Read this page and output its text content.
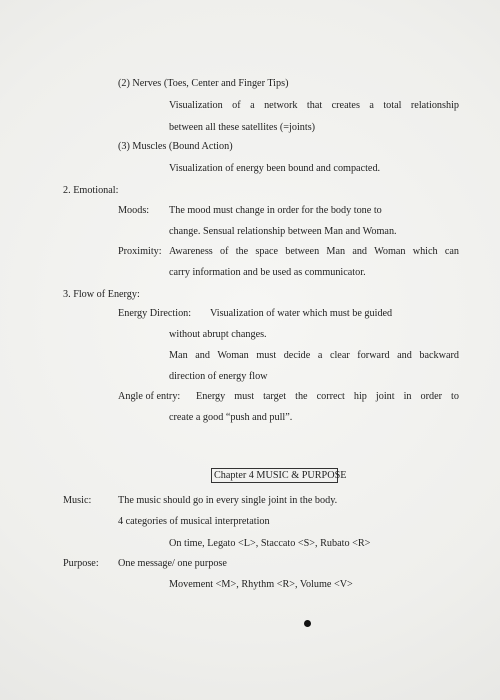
(2) Nerves (Toes, Center and Finger Tips)
Visualization of a network that creates a total relationship
between all these satellites (=joints)
(3) Muscles (Bound Action)
Visualization of energy been bound and compacted.
2. Emotional:
Moods: The mood must change in order for the body tone to
change. Sensual relationship between Man and Woman.
Proximity: Awareness of the space between Man and Woman which can
carry information and be used as communicator.
3. Flow of Energy:
Energy Direction: Visualization of water which must be guided
without abrupt changes.
Man and Woman must decide a clear forward and backward
direction of energy flow
Angle of entry: Energy must target the correct hip joint in order to
create a good “push and pull”.
Chapter 4 MUSIC & PURPOSE
Music:	The music should go in every single joint in the body.
4 categories of musical interpretation
On time, Legato <L>, Staccato <S>, Rubato <R>
Purpose: One message/ one purpose
Movement <M>, Rhythm <R>, Volume <V>
